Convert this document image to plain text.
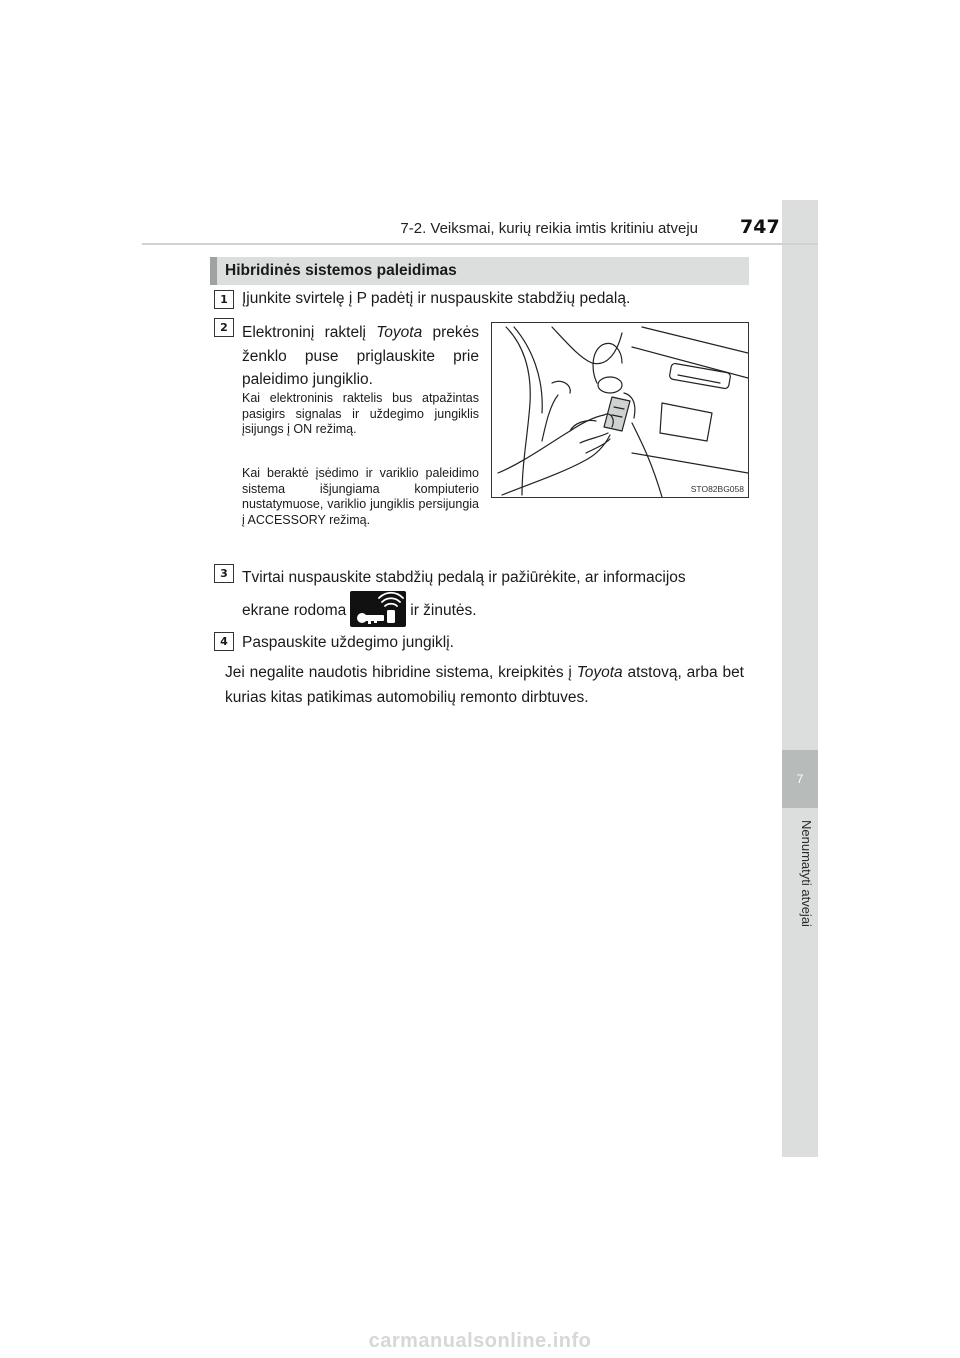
7
Nenumatyti atvejai
7-2. Veiksmai, kurių reikia imtis kritiniu atveju 747
Hibridinės sistemos paleidimas
1 Įjunkite svirtelę į P padėtį ir nuspauskite stabdžių pedalą.
2 Elektroninį raktelį Toyota prekės ženklo puse priglauskite prie paleidimo jungiklio.
Kai elektroninis raktelis bus atpažintas pasigirs signalas ir uždegimo jungiklis įsijungs į ON režimą.
Kai beraktė įsėdimo ir variklio paleidimo sistema išjungiama kompiuterio nustatymuose, variklio jungiklis persijungia į ACCESSORY režimą.
STO82BG058
3 Tvirtai nuspauskite stabdžių pedalą ir pažiūrėkite, ar informacijos
ekrane rodoma	ir žinutės.
4 Paspauskite uždegimo jungiklį.
Jei negalite naudotis hibridine sistema, kreipkitės į Toyota atstovą, arba bet kurias kitas patikimas automobilių remonto dirbtuves.
carmanualsonline.info
